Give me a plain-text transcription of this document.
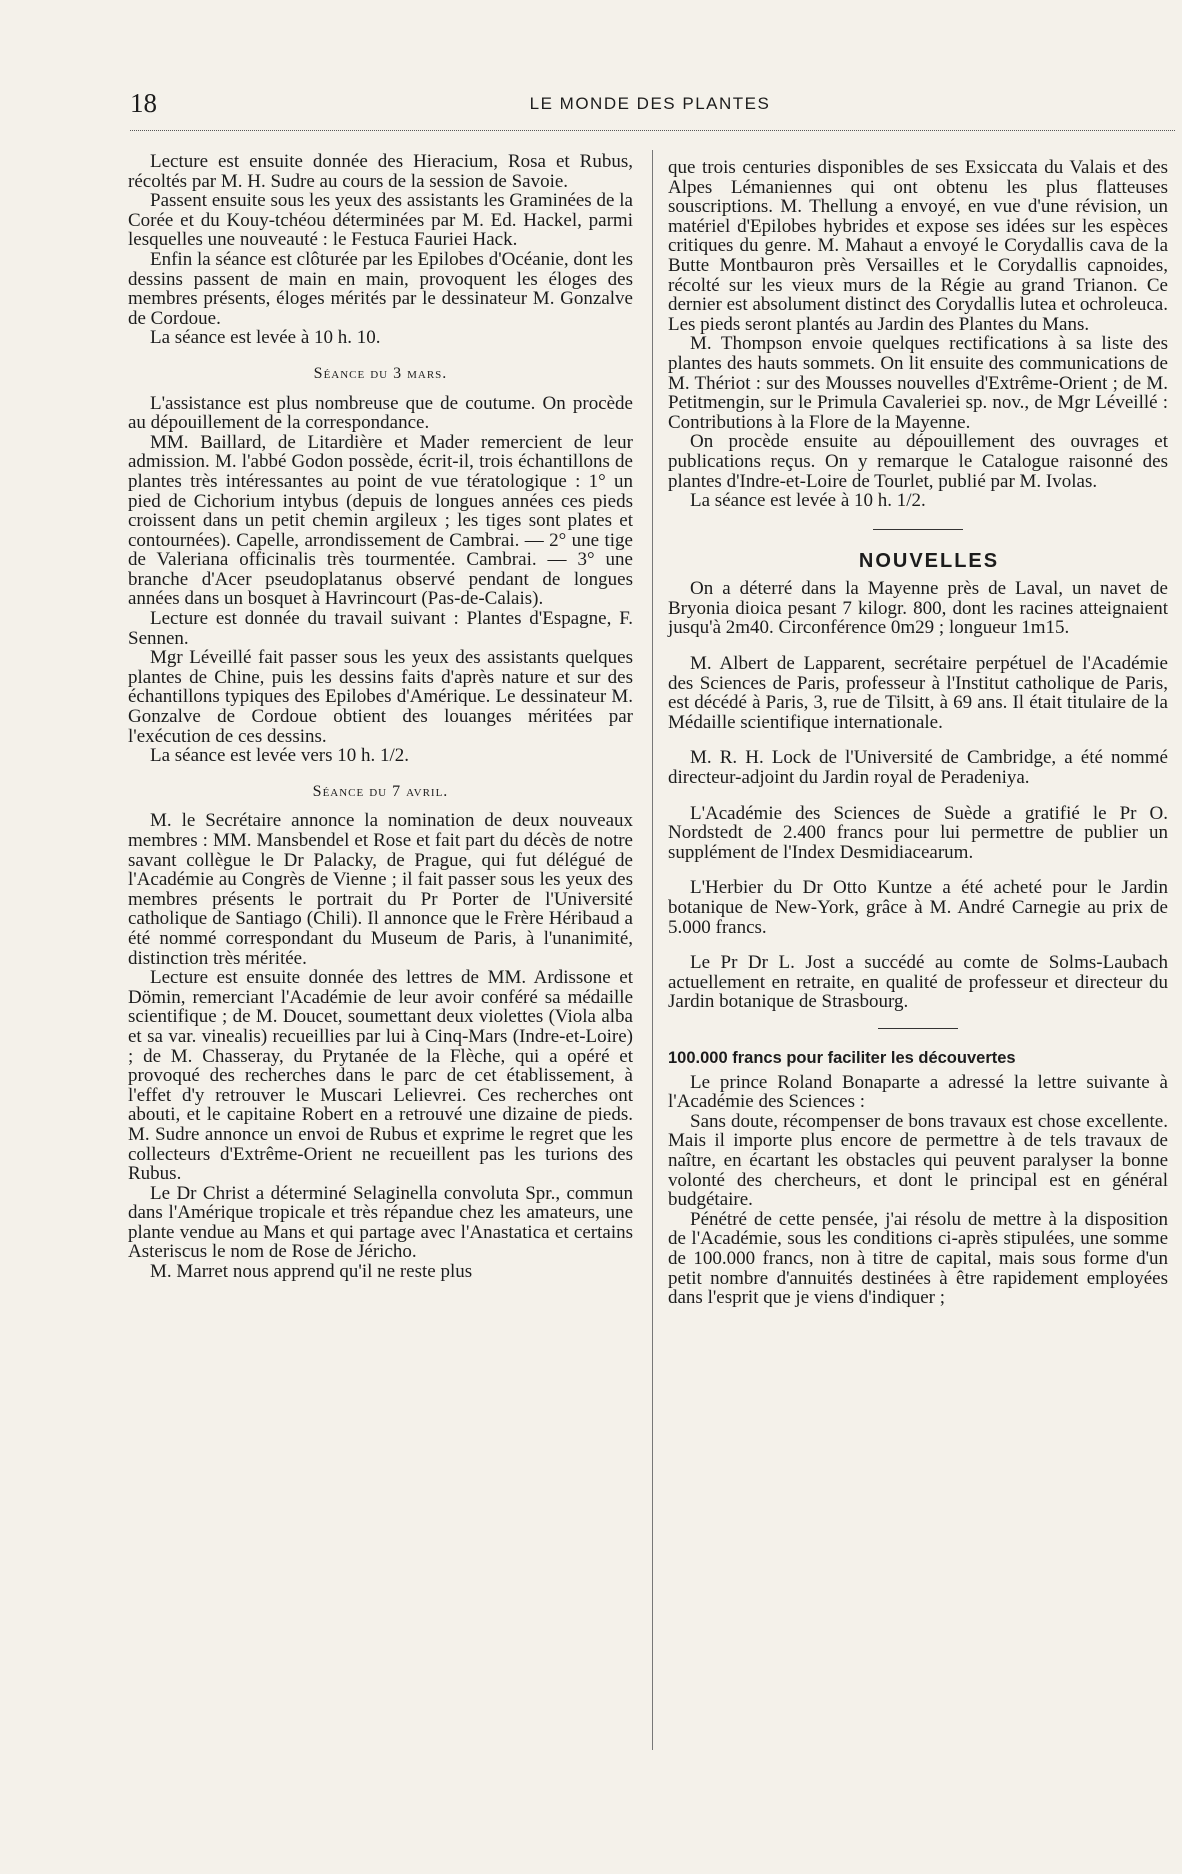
18	LE MONDE DES PLANTES

Lecture est ensuite donnée des Hieracium, Rosa et Rubus, récoltés par M. H. Sudre au cours de la session de Savoie.

Passent ensuite sous les yeux des assistants les Graminées de la Corée et du Kouy-tchéou déterminées par M. Ed. Hackel, parmi lesquelles une nouveauté : le Festuca Fauriei Hack.

Enfin la séance est clôturée par les Epilobes d'Océanie, dont les dessins passent de main en main, provoquent les éloges des membres présents, éloges mérités par le dessinateur M. Gonzalve de Cordoue.

La séance est levée à 10 h. 10.

Séance du 3 mars.

L'assistance est plus nombreuse que de coutume. On procède au dépouillement de la correspondance.

MM. Baillard, de Litardière et Mader remercient de leur admission. M. l'abbé Godon possède, écrit-il, trois échantillons de plantes très intéressantes au point de vue tératologique : 1° un pied de Cichorium intybus (depuis de longues années ces pieds croissent dans un petit chemin argileux ; les tiges sont plates et contournées). Capelle, arrondissement de Cambrai. — 2° une tige de Valeriana officinalis très tourmentée. Cambrai. — 3° une branche d'Acer pseudoplatanus observé pendant de longues années dans un bosquet à Havrincourt (Pas-de-Calais).

Lecture est donnée du travail suivant : Plantes d'Espagne, F. Sennen.

Mgr Léveillé fait passer sous les yeux des assistants quelques plantes de Chine, puis les dessins faits d'après nature et sur des échantillons typiques des Epilobes d'Amérique. Le dessinateur M. Gonzalve de Cordoue obtient des louanges méritées par l'exécution de ces dessins.

La séance est levée vers 10 h. 1/2.

Séance du 7 avril.

M. le Secrétaire annonce la nomination de deux nouveaux membres : MM. Mansbendel et Rose et fait part du décès de notre savant collègue le Dr Palacky, de Prague, qui fut délégué de l'Académie au Congrès de Vienne ; il fait passer sous les yeux des membres présents le portrait du Pr Porter de l'Université catholique de Santiago (Chili). Il annonce que le Frère Héribaud a été nommé correspondant du Museum de Paris, à l'unanimité, distinction très méritée.

Lecture est ensuite donnée des lettres de MM. Ardissone et Dömin, remerciant l'Académie de leur avoir conféré sa médaille scientifique ; de M. Doucet, soumettant deux violettes (Viola alba et sa var. vinealis) recueillies par lui à Cinq-Mars (Indre-et-Loire) ; de M. Chasseray, du Prytanée de la Flèche, qui a opéré et provoqué des recherches dans le parc de cet établissement, à l'effet d'y retrouver le Muscari Lelievrei. Ces recherches ont abouti, et le capitaine Robert en a retrouvé une dizaine de pieds. M. Sudre annonce un envoi de Rubus et exprime le regret que les collecteurs d'Extrême-Orient ne recueillent pas les turions des Rubus.

Le Dr Christ a déterminé Selaginella convoluta Spr., commun dans l'Amérique tropicale et très répandue chez les amateurs, une plante vendue au Mans et qui partage avec l'Anastatica et certains Asteriscus le nom de Rose de Jéricho.

M. Marret nous apprend qu'il ne reste plus

que trois centuries disponibles de ses Exsiccata du Valais et des Alpes Lémaniennes qui ont obtenu les plus flatteuses souscriptions. M. Thellung a envoyé, en vue d'une révision, un matériel d'Epilobes hybrides et expose ses idées sur les espèces critiques du genre. M. Mahaut a envoyé le Corydallis cava de la Butte Montbauron près Versailles et le Corydallis capnoides, récolté sur les vieux murs de la Régie au grand Trianon. Ce dernier est absolument distinct des Corydallis lutea et ochroleuca. Les pieds seront plantés au Jardin des Plantes du Mans.

M. Thompson envoie quelques rectifications à sa liste des plantes des hauts sommets. On lit ensuite des communications de M. Thériot : sur des Mousses nouvelles d'Extrême-Orient ; de M. Petitmengin, sur le Primula Cavaleriei sp. nov., de Mgr Léveillé : Contributions à la Flore de la Mayenne.

On procède ensuite au dépouillement des ouvrages et publications reçus. On y remarque le Catalogue raisonné des plantes d'Indre-et-Loire de Tourlet, publié par M. Ivolas.

La séance est levée à 10 h. 1/2.

NOUVELLES

On a déterré dans la Mayenne près de Laval, un navet de Bryonia dioica pesant 7 kilogr. 800, dont les racines atteignaient jusqu'à 2m40. Circonférence 0m29 ; longueur 1m15.

M. Albert de Lapparent, secrétaire perpétuel de l'Académie des Sciences de Paris, professeur à l'Institut catholique de Paris, est décédé à Paris, 3, rue de Tilsitt, à 69 ans. Il était titulaire de la Médaille scientifique internationale.

M. R. H. Lock de l'Université de Cambridge, a été nommé directeur-adjoint du Jardin royal de Peradeniya.

L'Académie des Sciences de Suède a gratifié le Pr O. Nordstedt de 2.400 francs pour lui permettre de publier un supplément de l'Index Desmidiacearum.

L'Herbier du Dr Otto Kuntze a été acheté pour le Jardin botanique de New-York, grâce à M. André Carnegie au prix de 5.000 francs.

Le Pr Dr L. Jost a succédé au comte de Solms-Laubach actuellement en retraite, en qualité de professeur et directeur du Jardin botanique de Strasbourg.

100.000 francs pour faciliter les découvertes

Le prince Roland Bonaparte a adressé la lettre suivante à l'Académie des Sciences :

Sans doute, récompenser de bons travaux est chose excellente. Mais il importe plus encore de permettre à de tels travaux de naître, en écartant les obstacles qui peuvent paralyser la bonne volonté des chercheurs, et dont le principal est en général budgétaire.

Pénétré de cette pensée, j'ai résolu de mettre à la disposition de l'Académie, sous les conditions ci-après stipulées, une somme de 100.000 francs, non à titre de capital, mais sous forme d'un petit nombre d'annuités destinées à être rapidement employées dans l'esprit que je viens d'indiquer ;
